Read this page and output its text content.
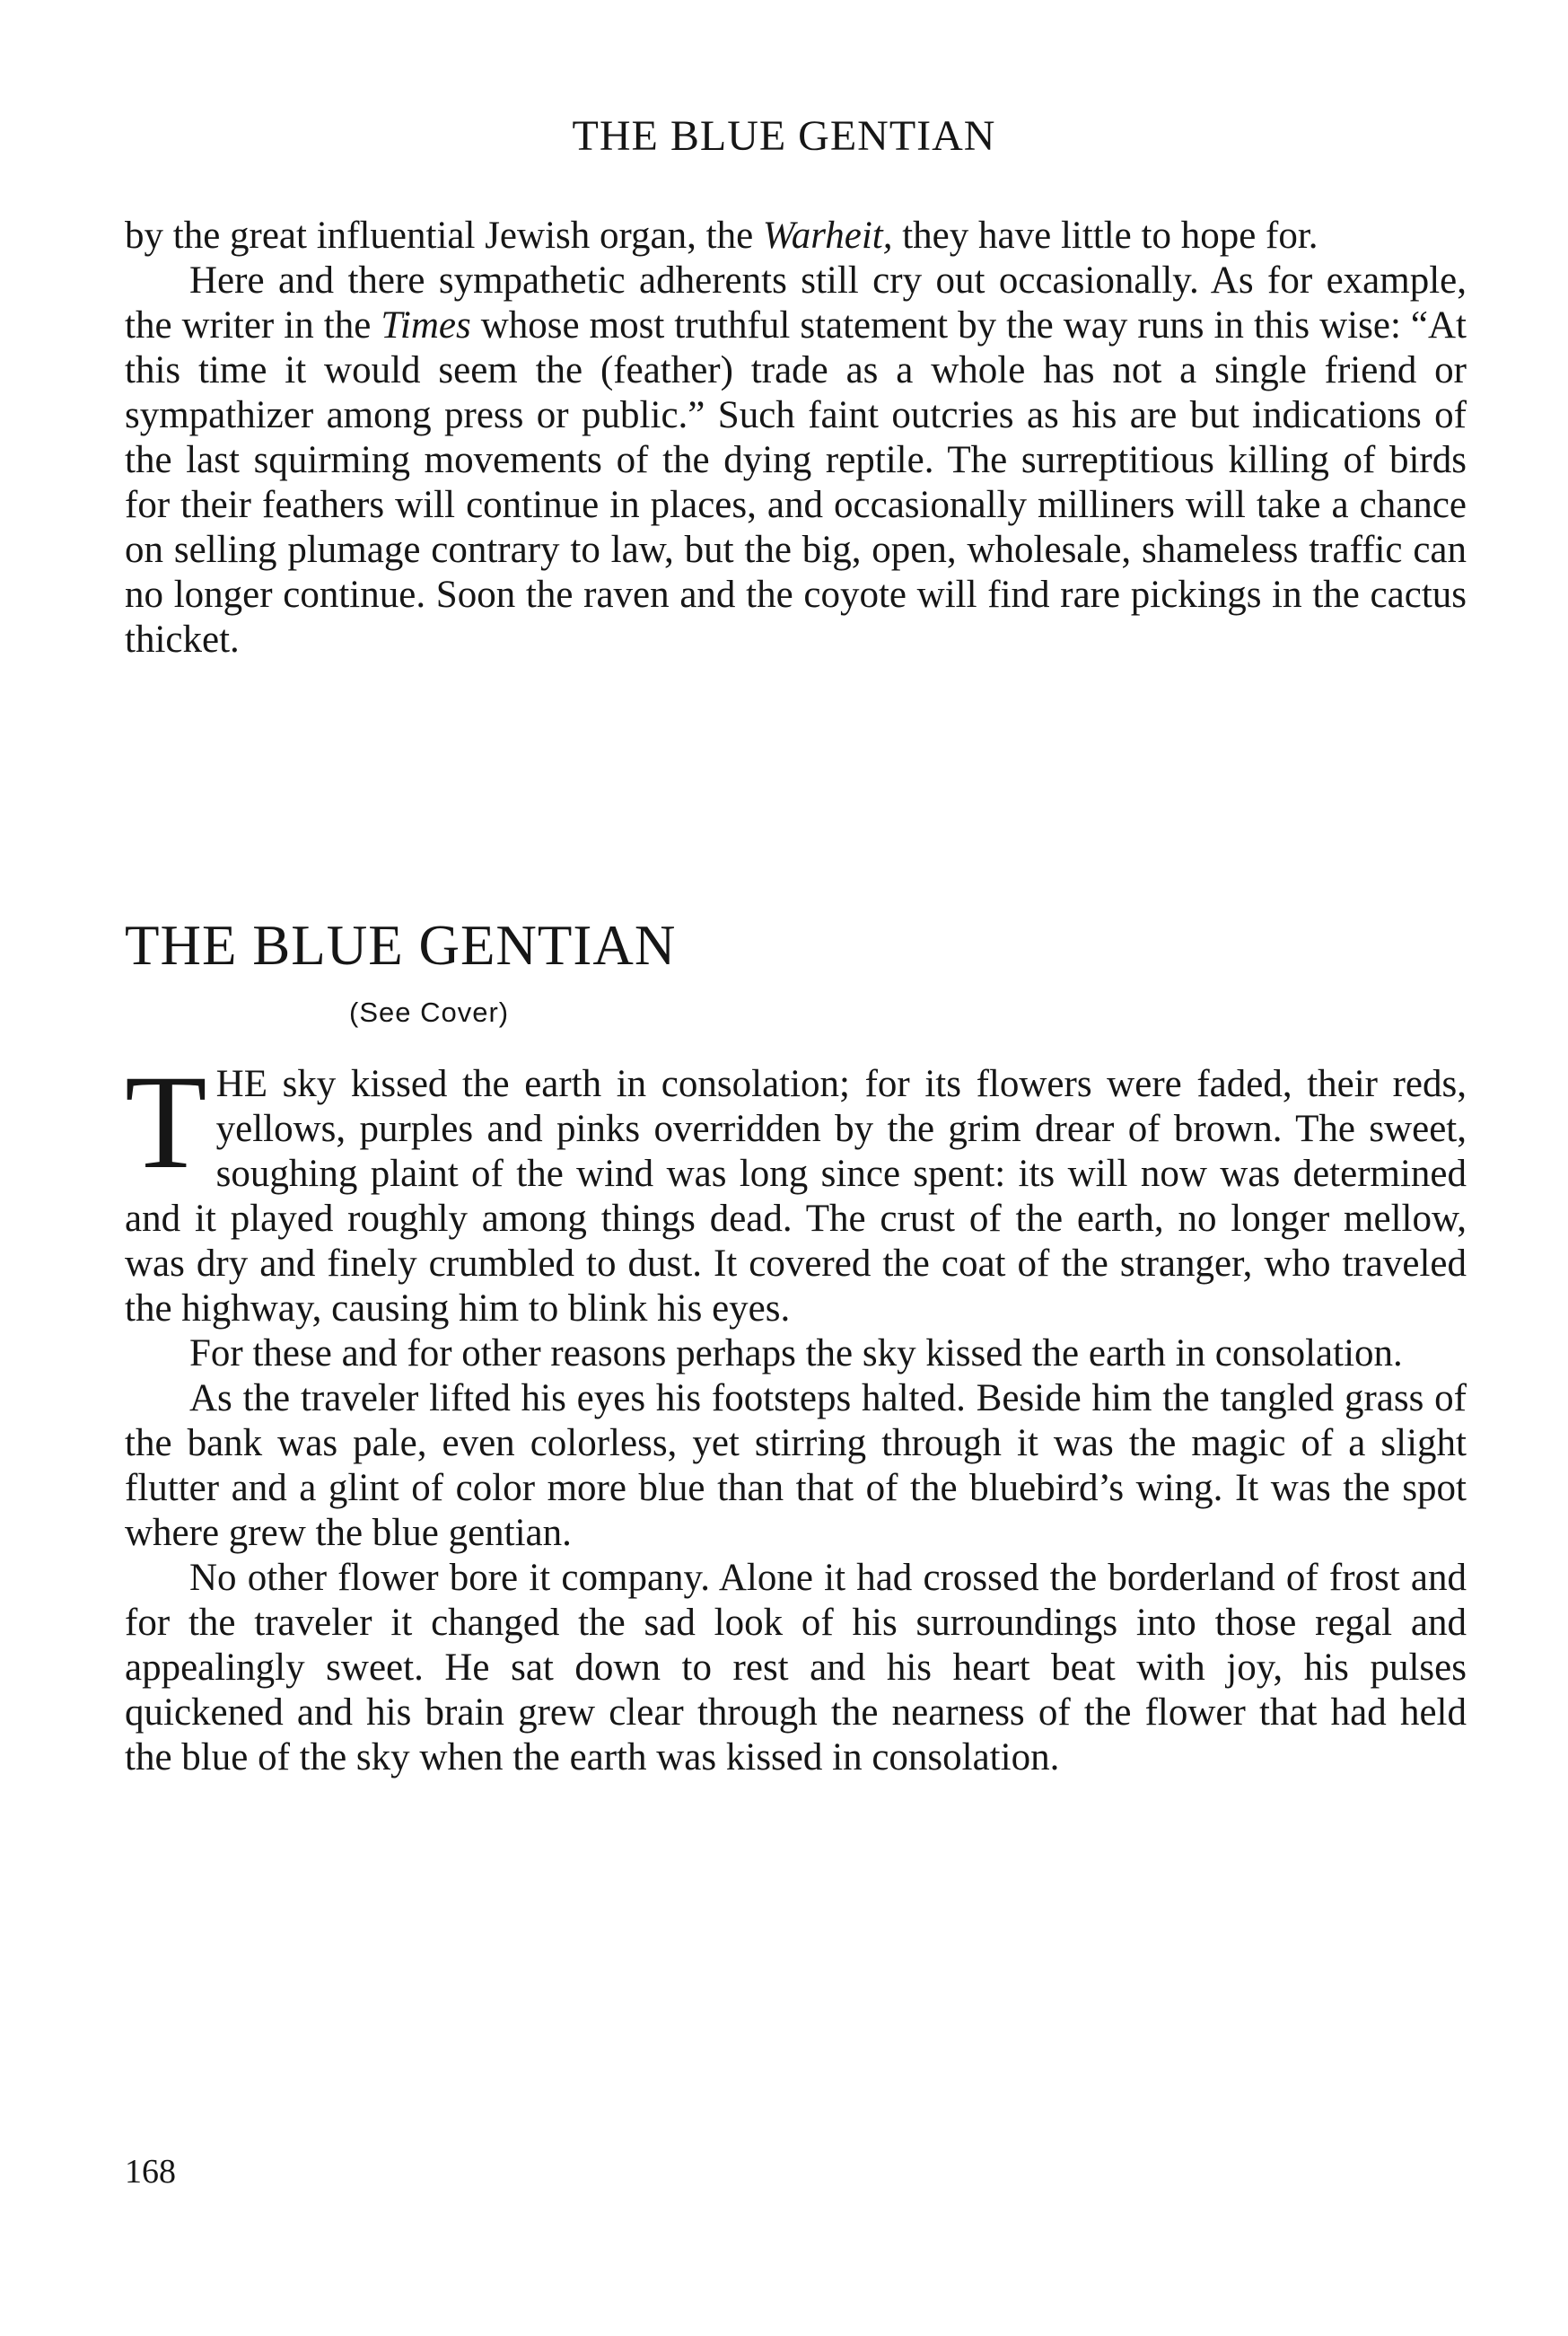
THE BLUE GENTIAN

by the great influential Jewish organ, the Warheit, they have little to hope for.

Here and there sympathetic adherents still cry out occasionally. As for example, the writer in the Times whose most truthful statement by the way runs in this wise: “At this time it would seem the (feather) trade as a whole has not a single friend or sympathizer among press or public.” Such faint outcries as his are but indications of the last squirming movements of the dying reptile. The surreptitious killing of birds for their feathers will continue in places, and occasionally milliners will take a chance on selling plumage contrary to law, but the big, open, wholesale, shameless traffic can no longer continue. Soon the raven and the coyote will find rare pickings in the cactus thicket.

THE BLUE GENTIAN
(See Cover)

THE sky kissed the earth in consolation; for its flowers were faded, their reds, yellows, purples and pinks overridden by the grim drear of brown. The sweet, soughing plaint of the wind was long since spent: its will now was determined and it played roughly among things dead. The crust of the earth, no longer mellow, was dry and finely crumbled to dust. It covered the coat of the stranger, who traveled the highway, causing him to blink his eyes.

For these and for other reasons perhaps the sky kissed the earth in consolation.

As the traveler lifted his eyes his footsteps halted. Beside him the tangled grass of the bank was pale, even colorless, yet stirring through it was the magic of a slight flutter and a glint of color more blue than that of the bluebird’s wing. It was the spot where grew the blue gentian.

No other flower bore it company. Alone it had crossed the borderland of frost and for the traveler it changed the sad look of his surroundings into those regal and appealingly sweet. He sat down to rest and his heart beat with joy, his pulses quickened and his brain grew clear through the nearness of the flower that had held the blue of the sky when the earth was kissed in consolation.

168
